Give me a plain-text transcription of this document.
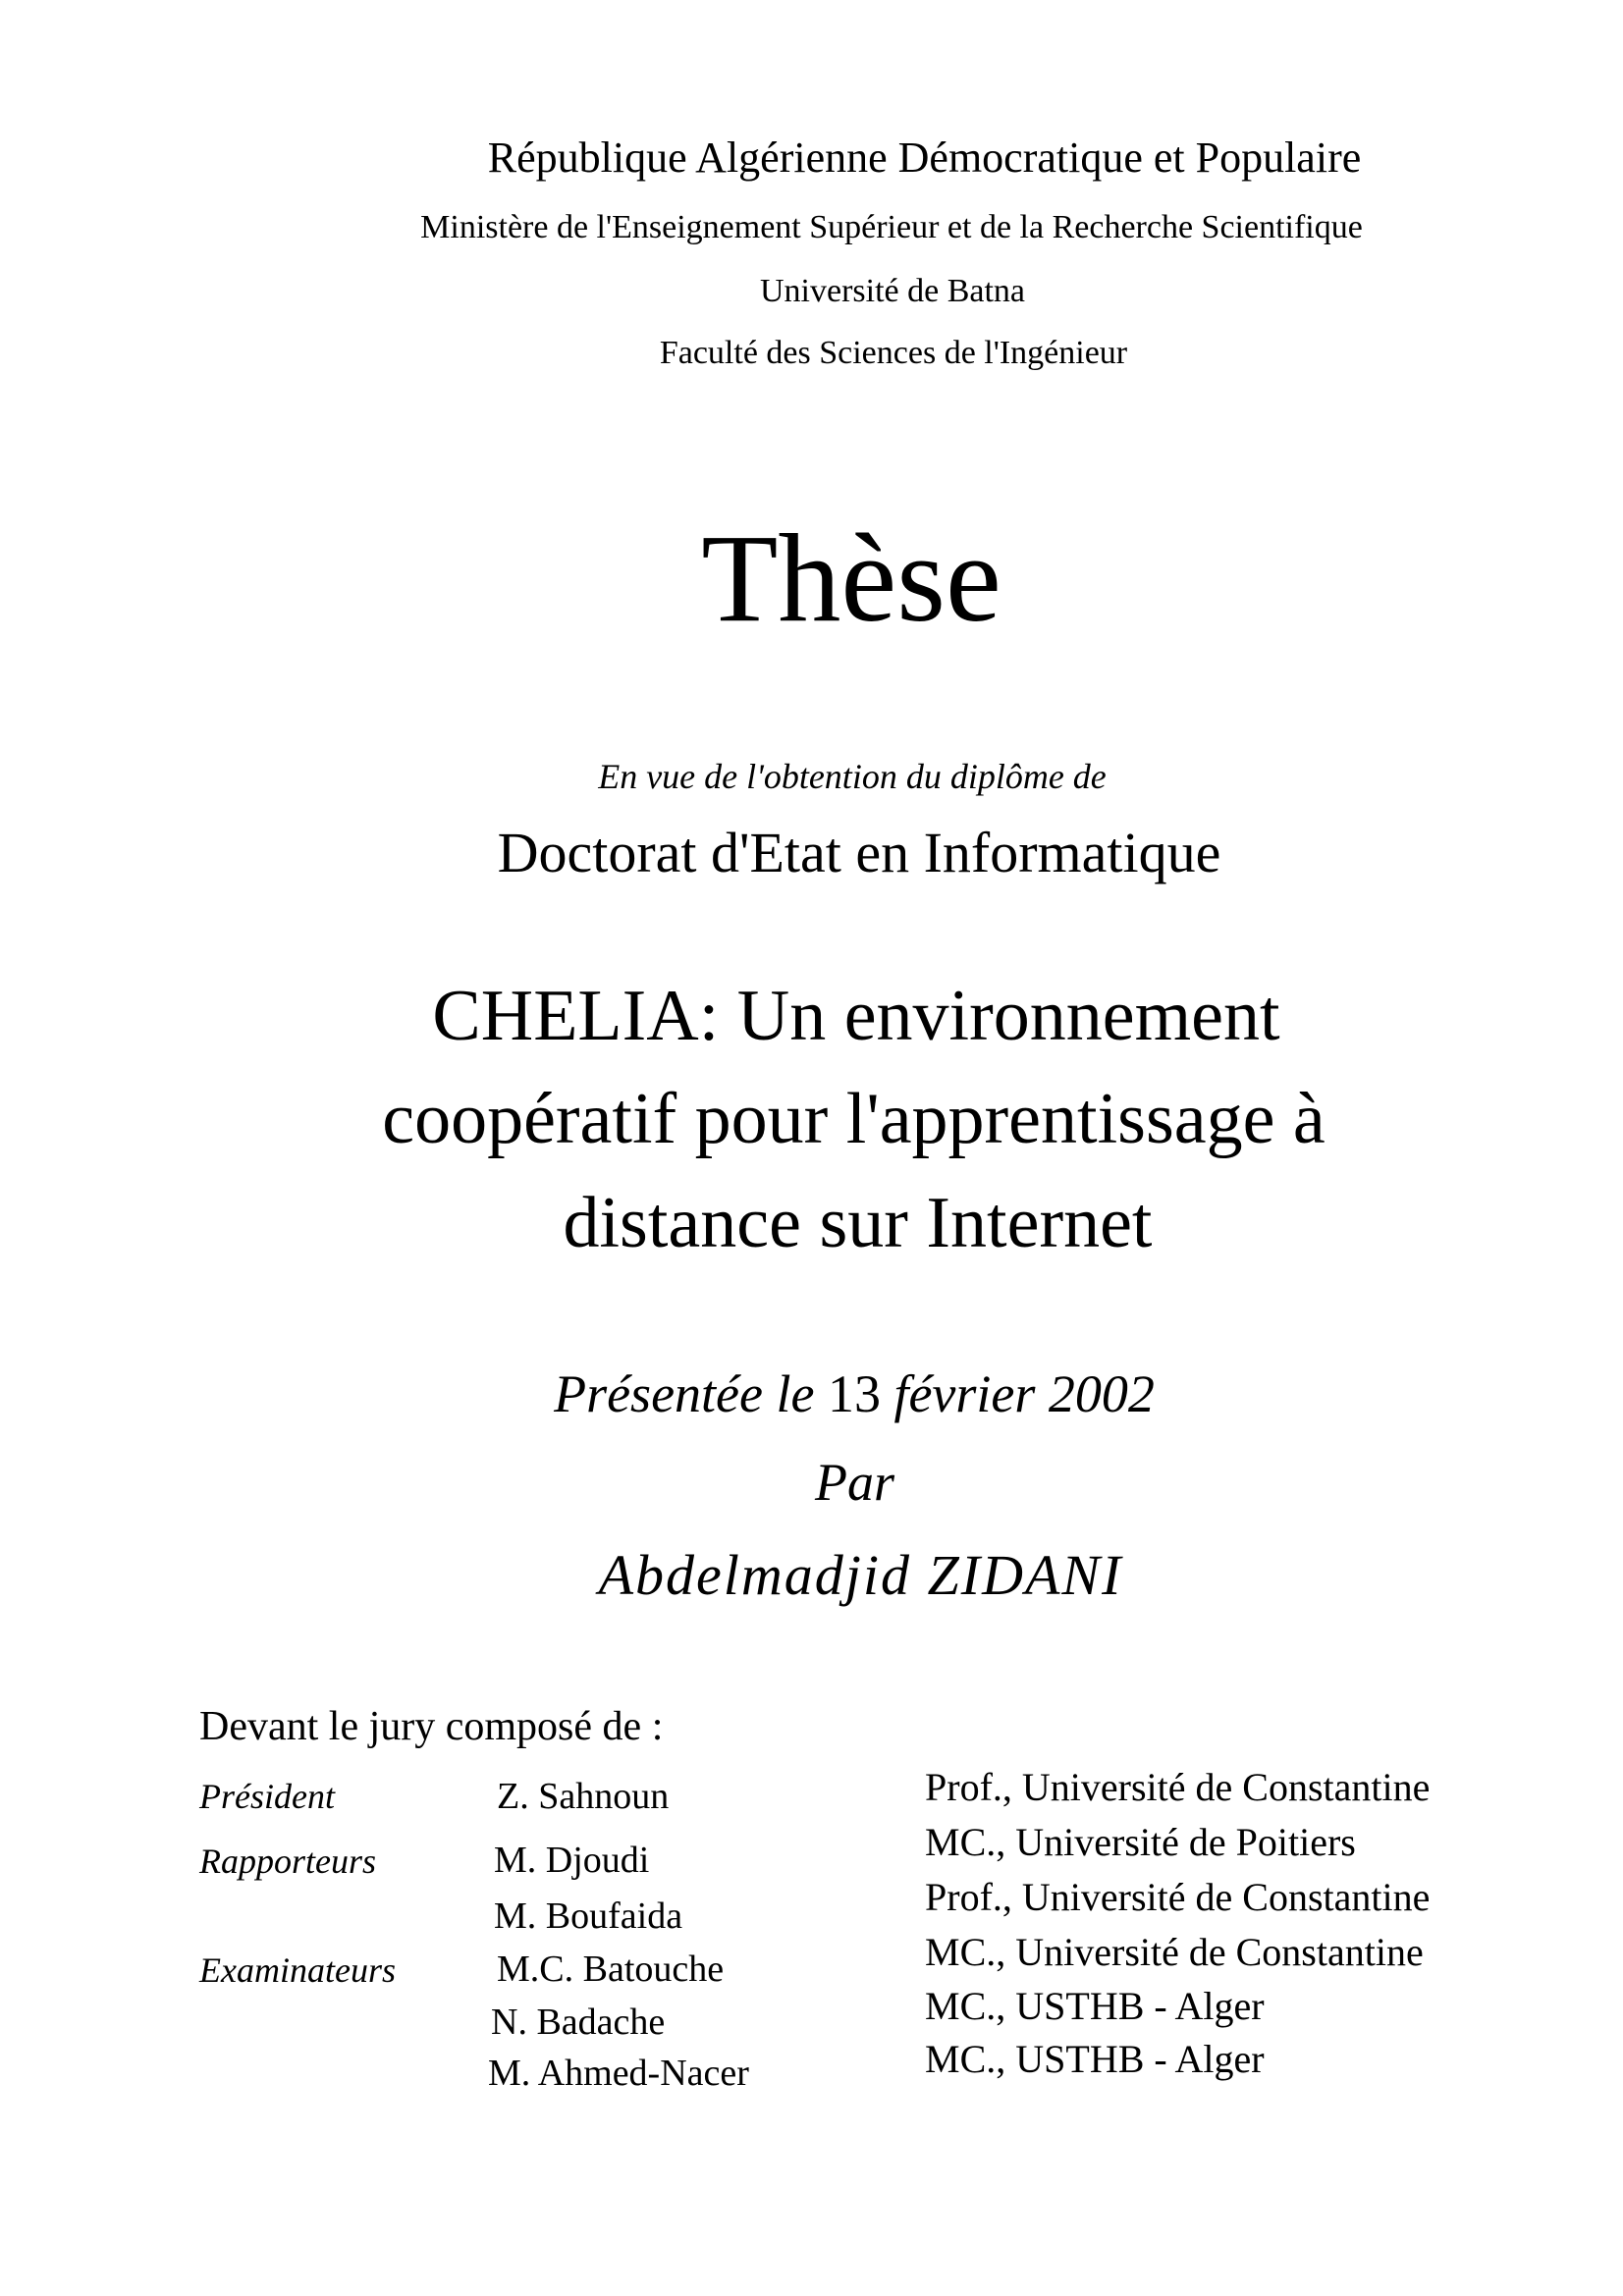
République Algérienne Démocratique et Populaire
Ministère de l'Enseignement Supérieur et de la Recherche Scientifique
Université de Batna
Faculté des Sciences de l'Ingénieur
Thèse
En vue de l'obtention du diplôme de
Doctorat d'Etat en Informatique
CHELIA: Un environnement
coopératif pour l'apprentissage à
distance sur Internet
Présentée le 13 février 2002
Par
Abdelmadjid ZIDANI
Devant le jury composé de :
Président	Z. Sahnoun	Prof., Université de Constantine
Rapporteurs	M. Djoudi	MC., Université de Poitiers
M. Boufaida	Prof., Université de Constantine
Examinateurs	M.C. Batouche	MC., Université de Constantine
N. Badache	MC., USTHB - Alger
M. Ahmed-Nacer	MC., USTHB - Alger
